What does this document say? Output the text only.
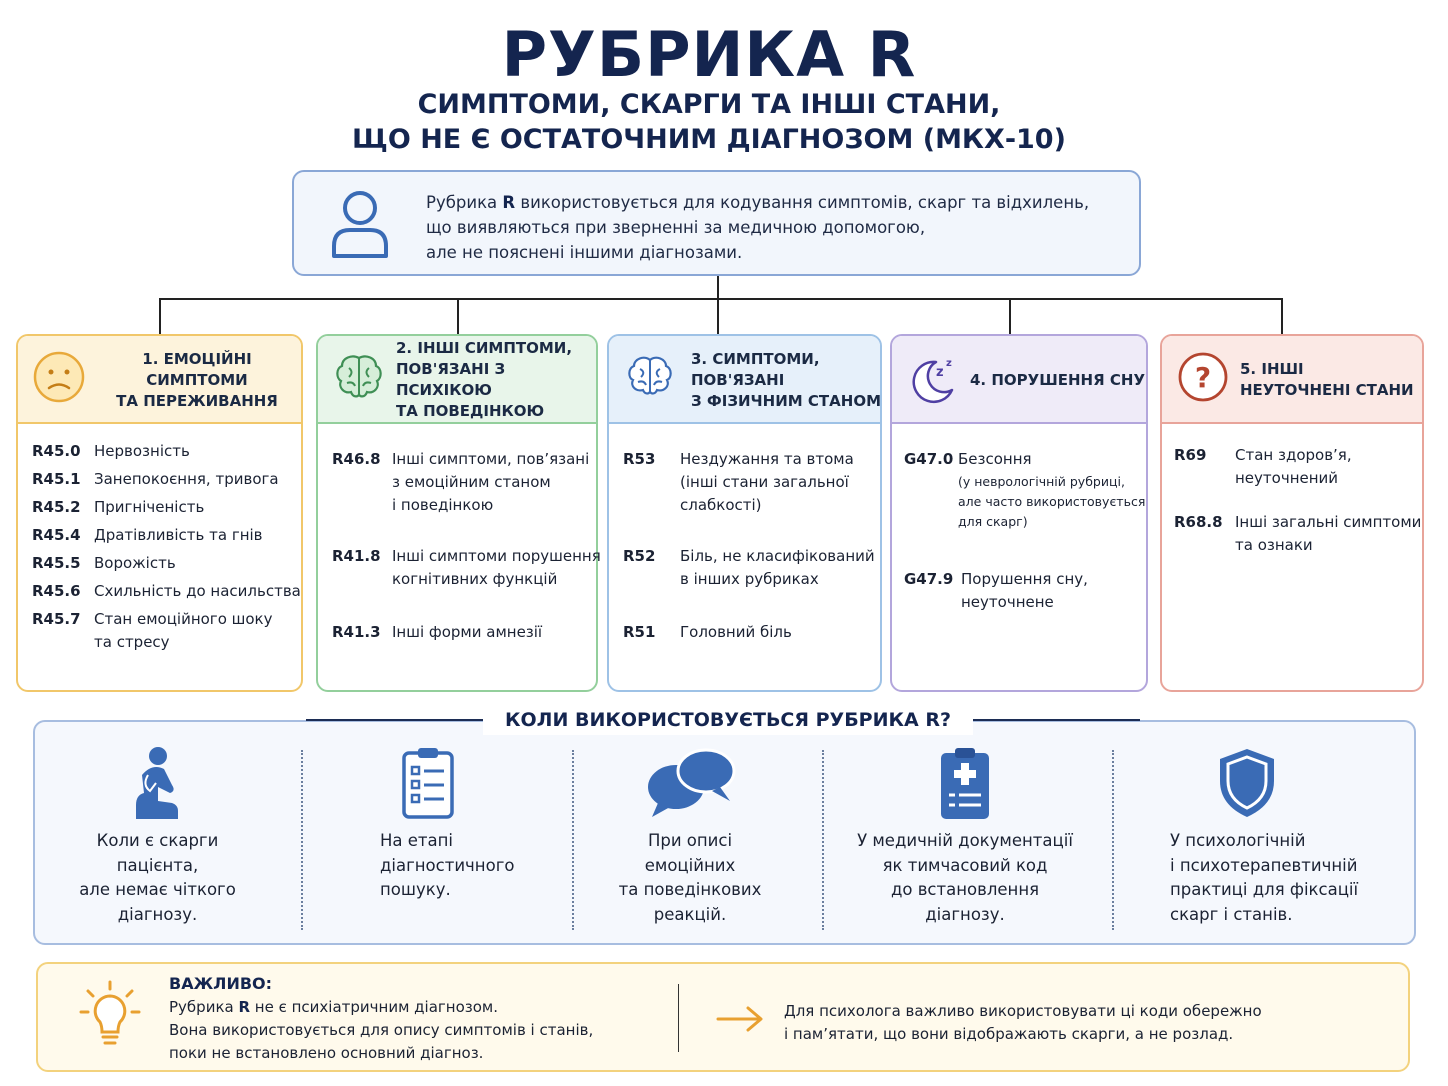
РУБРИКА R
СИМПТОМИ, СКАРГИ ТА ІНШІ СТАНИ,
ЩО НЕ Є ОСТАТОЧНИМ ДІАГНОЗОМ (МКХ-10)
Рубрика R використовується для кодування симптомів, скарг та відхилень,
що виявляються при зверненні за медичною допомогою,
але не пояснені іншими діагнозами.
1. ЕМОЦІЙНІ СИМПТОМИ
ТА ПЕРЕЖИВАННЯ
R45.0 Нервозність
R45.1 Занепокоєння, тривога
R45.2 Пригніченість
R45.4 Дратівливість та гнів
R45.5 Ворожість
R45.6 Схильність до насильства
R45.7 Стан емоційного шоку
та стресу
2. ІНШІ СИМПТОМИ,
ПОВ'ЯЗАНІ З ПСИХІКОЮ
ТА ПОВЕДІНКОЮ
R46.8 Інші симптоми, пов’язані
з емоційним станом
і поведінкою
R41.8 Інші симптоми порушення
когнітивних функцій
R41.3 Інші форми амнезії
3. СИМПТОМИ,
ПОВ'ЯЗАНІ
З ФІЗИЧНИМ СТАНОМ
R53 Нездужання та втома
(інші стани загальної
слабкості)
R52 Біль, не класифікований
в інших рубриках
R51 Головний біль
z
z
4. ПОРУШЕННЯ СНУ
G47.0 Безсоння
(у неврологічній рубриці,
але часто використовується
для скарг)
G47.9 Порушення сну,
неуточнене
? 5. ІНШІ
НЕУТОЧНЕНІ СТАНИ
R69 Стан здоров’я,
неуточнений
R68.8 Інші загальні симптоми
та ознаки
КОЛИ ВИКОРИСТОВУЄТЬСЯ РУБРИКА R?
Коли є скарги
пацієнта,
але немає чіткого
діагнозу.
На етапі
діагностичного
пошуку.
При описі
емоційних
та поведінкових
реакцій.
У медичній документації
як тимчасовий код
до встановлення
діагнозу.
У психологічній
і психотерапевтичній
практиці для фіксації
скарг і станів.
ВАЖЛИВО:
Рубрика R не є психіатричним діагнозом.
Вона використовується для опису симптомів і станів,
поки не встановлено основний діагноз.
Для психолога важливо використовувати ці коди обережно
і пам’ятати, що вони відображають скарги, а не розлад.
